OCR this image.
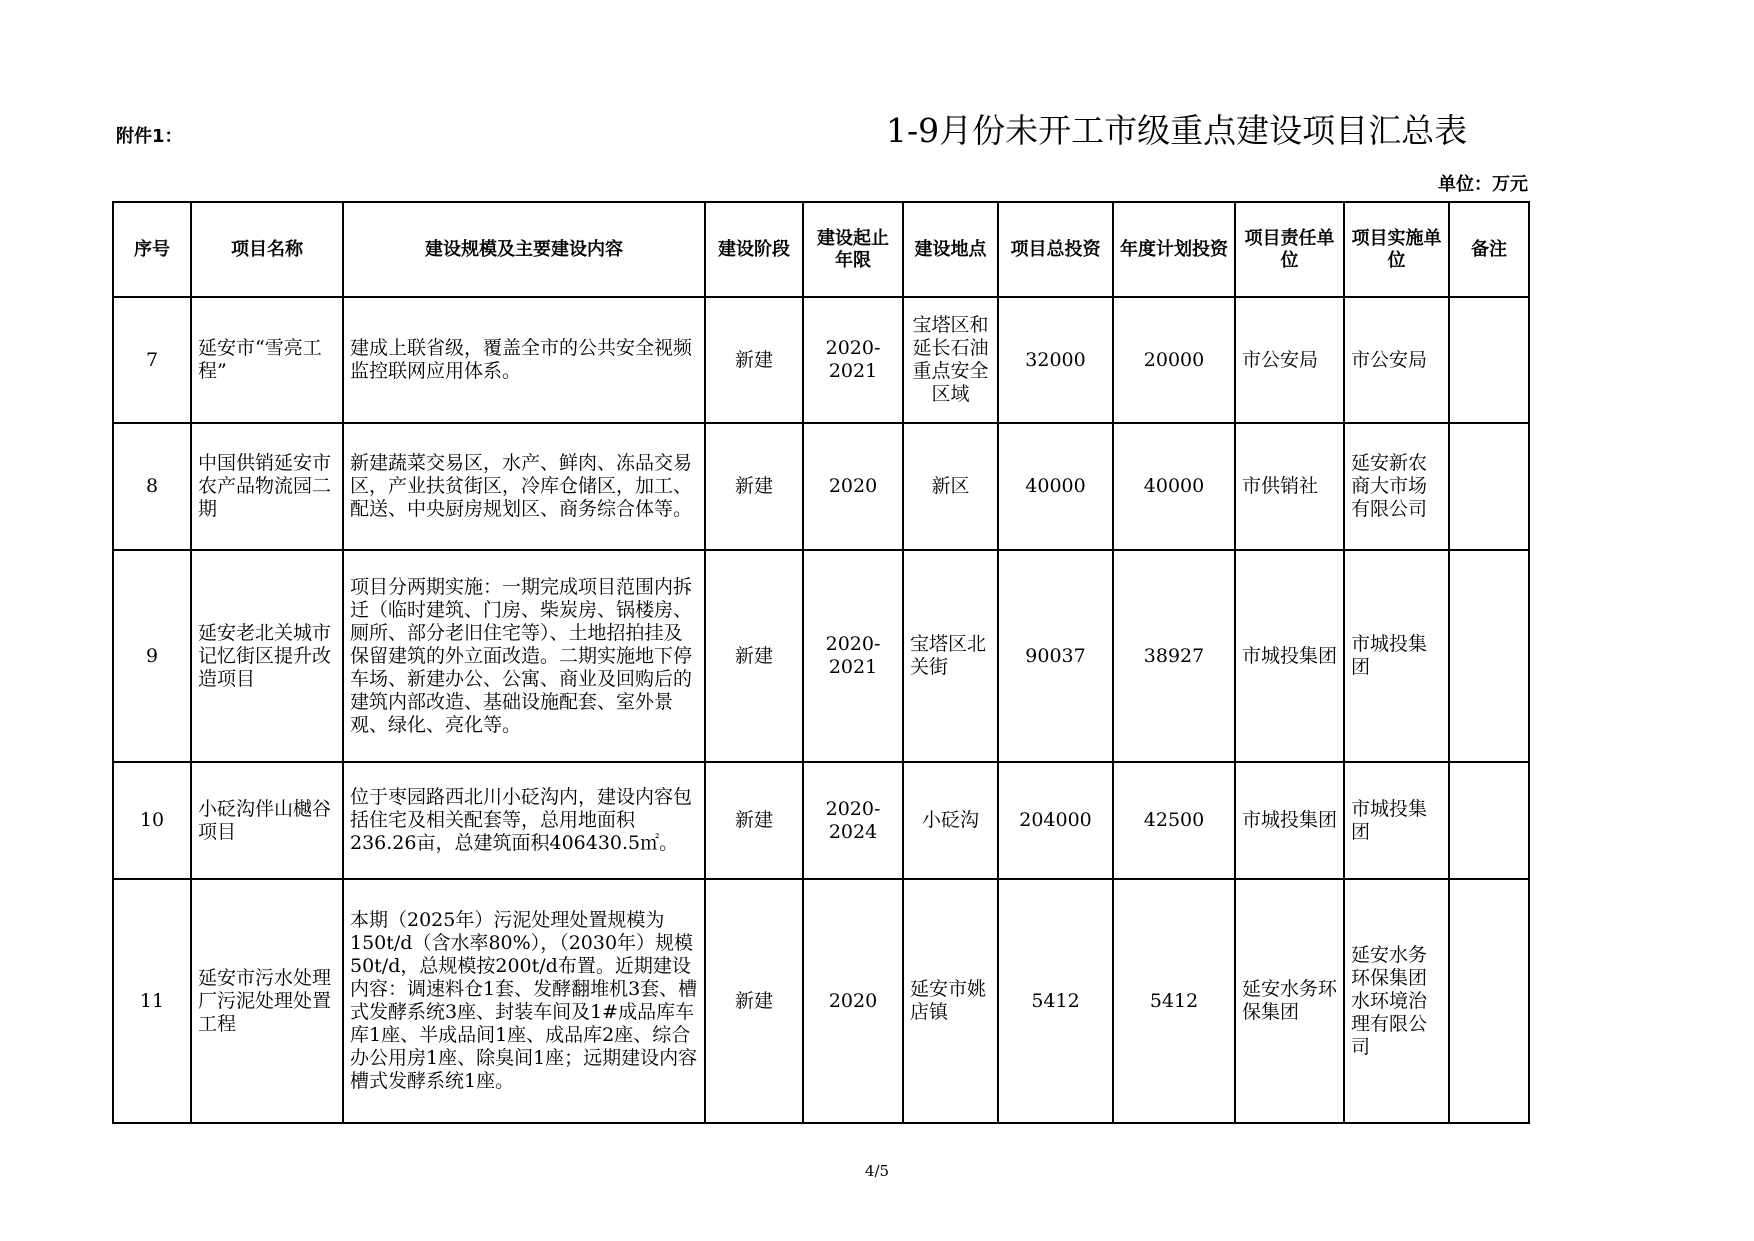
附件1：	1-9月份未开工市级重点建设项目汇总表
单位：万元
序号	项目名称	建设规模及主要建设内容	建设阶段	建设起止年限	建设地点	项目总投资	年度计划投资	项目责任单位	项目实施单位	备注
7	延安市“雪亮工程”	建成上联省级，覆盖全市的公共安全视频监控联网应用体系。	新建	2020-2021	宝塔区和延长石油重点安全区域	32000	20000	市公安局	市公安局	
8	中国供销延安市农产品物流园二期	新建蔬菜交易区，水产、鲜肉、冻品交易区，产业扶贫街区，冷库仓储区，加工、配送、中央厨房规划区、商务综合体等。	新建	2020	新区	40000	40000	市供销社	延安新农商大市场有限公司	
9	延安老北关城市记忆街区提升改造项目	项目分两期实施：一期完成项目范围内拆迁（临时建筑、门房、柴炭房、锅楼房、厕所、部分老旧住宅等）、土地招拍挂及保留建筑的外立面改造。二期实施地下停车场、新建办公、公寓、商业及回购后的建筑内部改造、基础设施配套、室外景观、绿化、亮化等。	新建	2020-2021	宝塔区北关街	90037	38927	市城投集团	市城投集团	
10	小砭沟伴山樾谷项目	位于枣园路西北川小砭沟内，建设内容包括住宅及相关配套等，总用地面积236.26亩，总建筑面积406430.5㎡。	新建	2020-2024	小砭沟	204000	42500	市城投集团	市城投集团	
11	延安市污水处理厂污泥处理处置工程	本期（2025年）污泥处理处置规模为150t/d（含水率80%），（2030年）规模50t/d，总规模按200t/d布置。近期建设内容：调速料仓1套、发酵翻堆机3套、槽式发酵系统3座、封装车间及1#成品库车库1座、半成品间1座、成品库2座、综合办公用房1座、除臭间1座；远期建设内容槽式发酵系统1座。	新建	2020	延安市姚店镇	5412	5412	延安水务环保集团	延安水务环保集团水环境治理有限公司	
4/5
